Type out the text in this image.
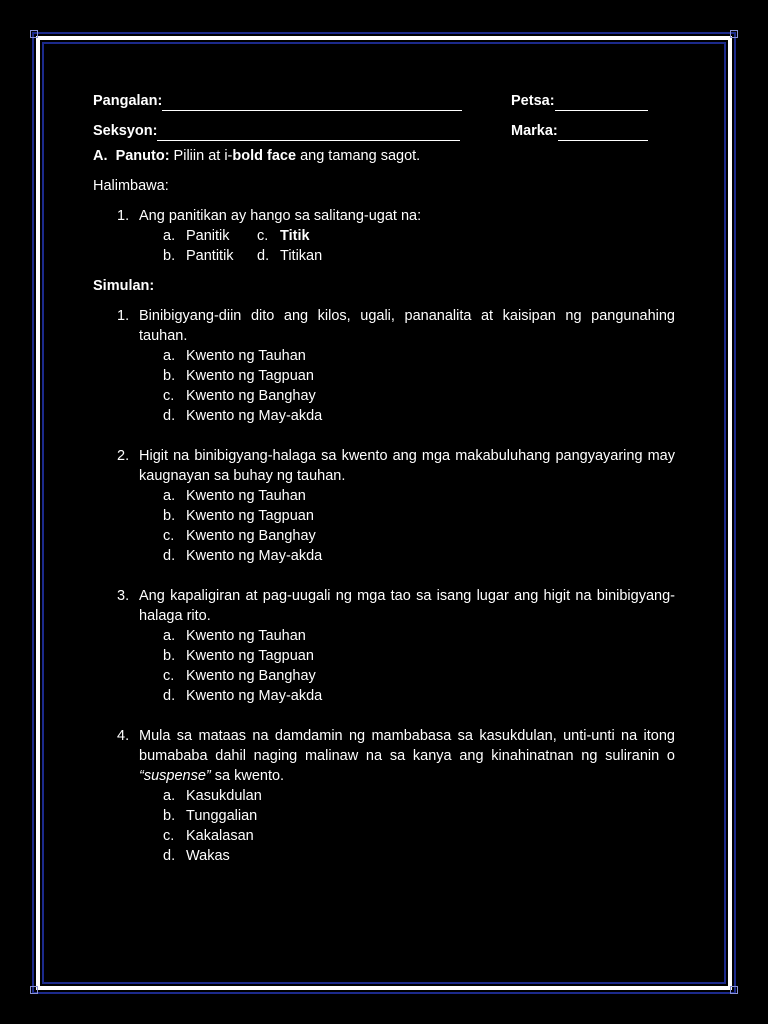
Pangalan:	Petsa:
Seksyon:	Marka:

A. Panuto: Piliin at i-bold face ang tamang sagot.

Halimbawa:

1. Ang panitikan ay hango sa salitang-ugat na:
a. Panitik c. Titik
b. Pantitik d. Titikan

Simulan:

1. Binibigyang-diin dito ang kilos, ugali, pananalita at kaisipan ng pangunahing tauhan.
a. Kwento ng Tauhan
b. Kwento ng Tagpuan
c. Kwento ng Banghay
d. Kwento ng May-akda
2. Higit na binibigyang-halaga sa kwento ang mga makabuluhang pangyayaring may kaugnayan sa buhay ng tauhan.
a. Kwento ng Tauhan
b. Kwento ng Tagpuan
c. Kwento ng Banghay
d. Kwento ng May-akda
3. Ang kapaligiran at pag-uugali ng mga tao sa isang lugar ang higit na binibigyang-halaga rito.
a. Kwento ng Tauhan
b. Kwento ng Tagpuan
c. Kwento ng Banghay
d. Kwento ng May-akda
4. Mula sa mataas na damdamin ng mambabasa sa kasukdulan, unti-unti na itong bumababa dahil naging malinaw na sa kanya ang kinahinatnan ng suliranin o “suspense” sa kwento.
a. Kasukdulan
b. Tunggalian
c. Kakalasan
d. Wakas
